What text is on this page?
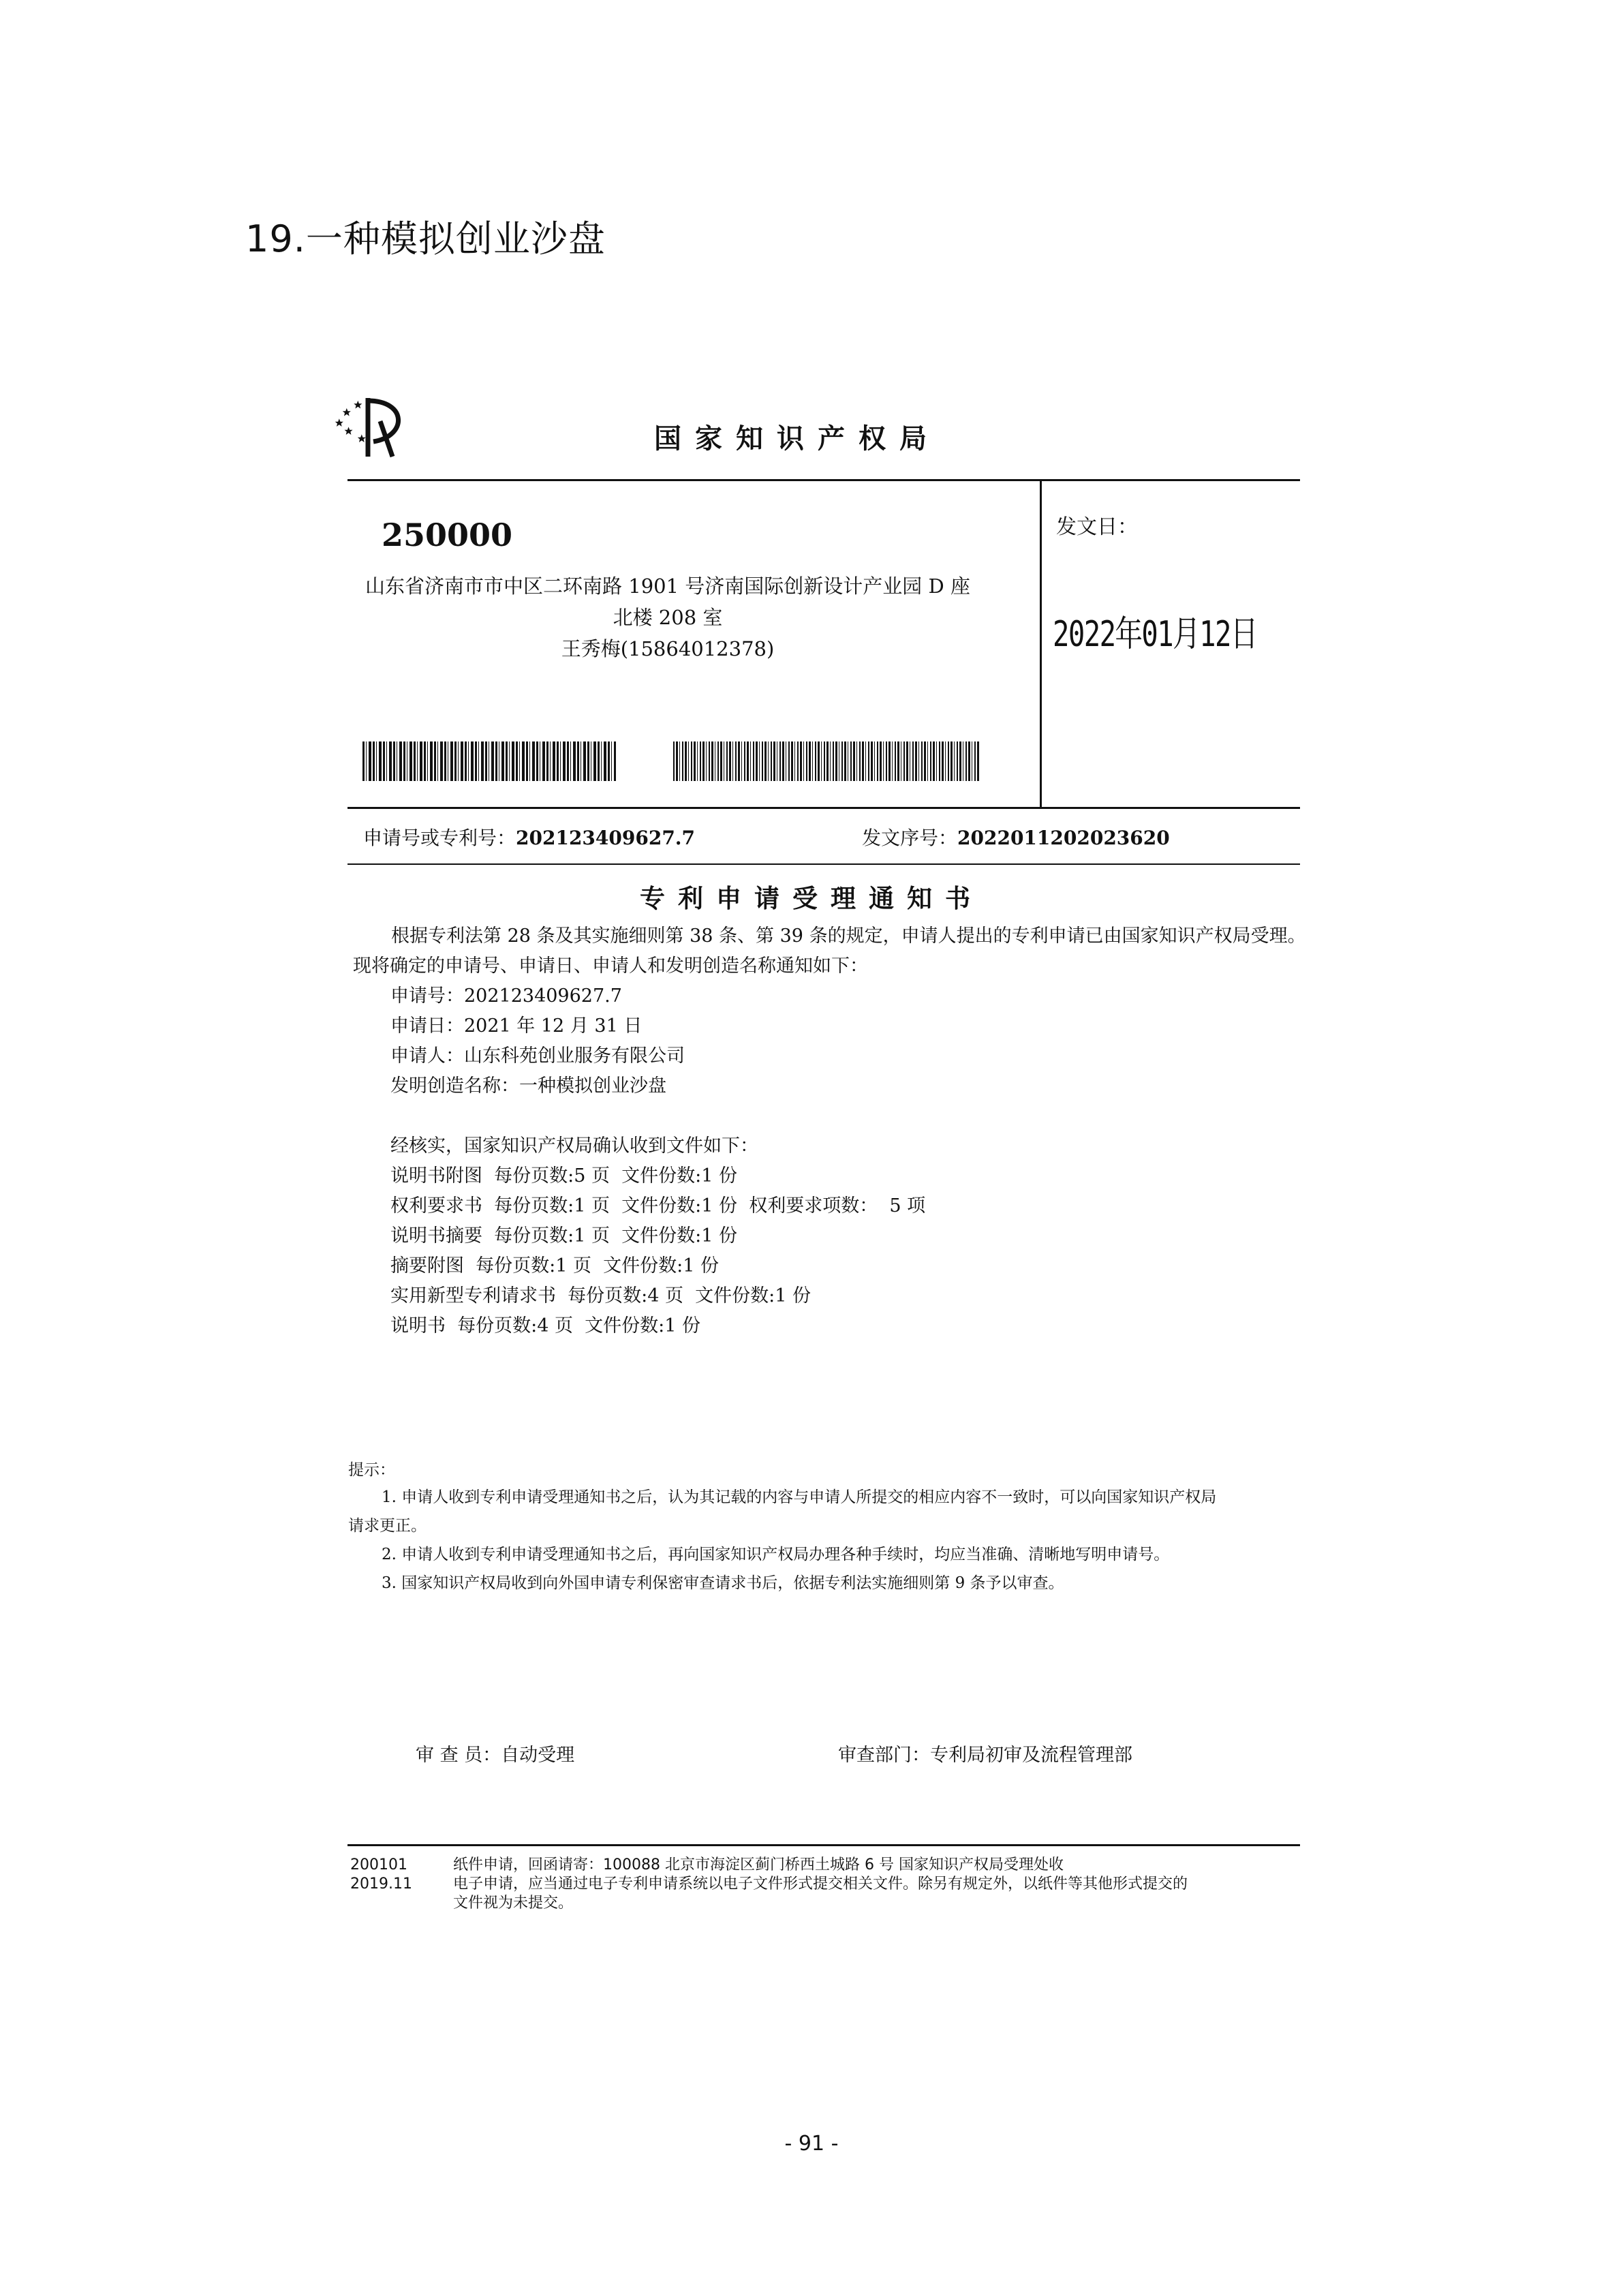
19.一种模拟创业沙盘
国家知识产权局
250000
山东省济南市市中区二环南路 1901 号济南国际创新设计产业园 D 座
北楼 208 室
王秀梅(15864012378)
发文日：
2022年01月12日
申请号或专利号：202123409627.7	发文序号：2022011202023620
专利申请受理通知书
根据专利法第 28 条及其实施细则第 38 条、第 39 条的规定，申请人提出的专利申请已由国家知识产权局受理。现将确定的申请号、申请日、申请人和发明创造名称通知如下：
申请号：202123409627.7
申请日：2021 年 12 月 31 日
申请人：山东科苑创业服务有限公司
发明创造名称：一种模拟创业沙盘
经核实，国家知识产权局确认收到文件如下：
说明书附图  每份页数:5 页  文件份数:1 份
权利要求书  每份页数:1 页  文件份数:1 份  权利要求项数：  5 项
说明书摘要  每份页数:1 页  文件份数:1 份
摘要附图  每份页数:1 页  文件份数:1 份
实用新型专利请求书  每份页数:4 页  文件份数:1 份
说明书  每份页数:4 页  文件份数:1 份
提示：
1. 申请人收到专利申请受理通知书之后，认为其记载的内容与申请人所提交的相应内容不一致时，可以向国家知识产权局
请求更正。
2. 申请人收到专利申请受理通知书之后，再向国家知识产权局办理各种手续时，均应当准确、清晰地写明申请号。
3. 国家知识产权局收到向外国申请专利保密审查请求书后，依据专利法实施细则第 9 条予以审查。
审 查 员：自动受理	审查部门：专利局初审及流程管理部
200101
2019.11
纸件申请，回函请寄：100088 北京市海淀区蓟门桥西土城路 6 号 国家知识产权局受理处收
电子申请，应当通过电子专利申请系统以电子文件形式提交相关文件。除另有规定外，以纸件等其他形式提交的
文件视为未提交。
- 91 -
